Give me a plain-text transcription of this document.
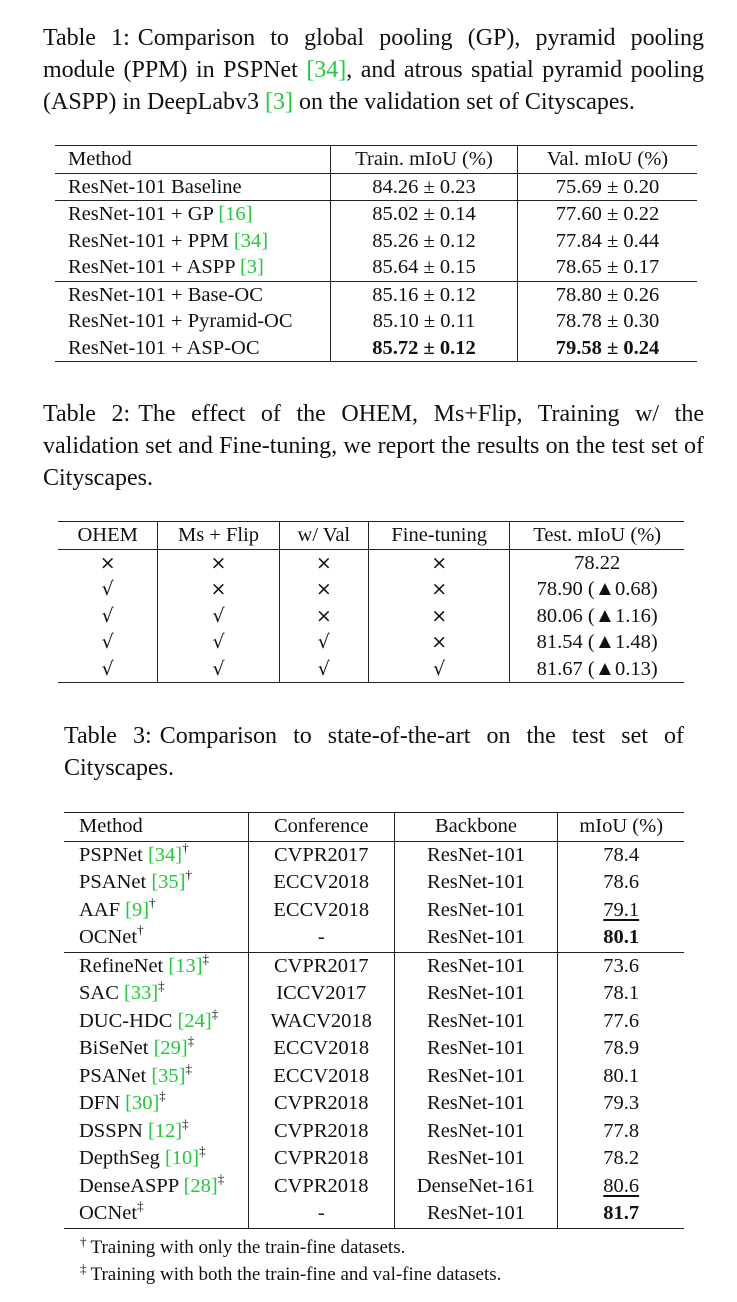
Table 1: Comparison to global pooling (GP), pyramid pooling module (PPM) in PSPNet [34], and atrous spatial pyramid pooling (ASPP) in DeepLabv3 [3] on the validation set of Cityscapes.
Method	Train. mIoU (%)	Val. mIoU (%)
ResNet-101 Baseline	84.26 ± 0.23	75.69 ± 0.20
ResNet-101 + GP [16]	85.02 ± 0.14	77.60 ± 0.22
ResNet-101 + PPM [34]	85.26 ± 0.12	77.84 ± 0.44
ResNet-101 + ASPP [3]	85.64 ± 0.15	78.65 ± 0.17
ResNet-101 + Base-OC	85.16 ± 0.12	78.80 ± 0.26
ResNet-101 + Pyramid-OC	85.10 ± 0.11	78.78 ± 0.30
ResNet-101 + ASP-OC	85.72 ± 0.12	79.58 ± 0.24
Table 2: The effect of the OHEM, Ms+Flip, Training w/ the validation set and Fine-tuning, we report the results on the test set of Cityscapes.
OHEM	Ms + Flip	w/ Val	Fine-tuning	Test. mIoU (%)
×	×	×	×	78.22
√	×	×	×	78.90 (▲0.68)
√	√	×	×	80.06 (▲1.16)
√	√	√	×	81.54 (▲1.48)
√	√	√	√	81.67 (▲0.13)
Table 3: Comparison to state-of-the-art on the test set of Cityscapes.
Method	Conference	Backbone	mIoU (%)
PSPNet [34]†	CVPR2017	ResNet-101	78.4
PSANet [35]†	ECCV2018	ResNet-101	78.6
AAF [9]†	ECCV2018	ResNet-101	79.1
OCNet†	-	ResNet-101	80.1
RefineNet [13]‡	CVPR2017	ResNet-101	73.6
SAC [33]‡	ICCV2017	ResNet-101	78.1
DUC-HDC [24]‡	WACV2018	ResNet-101	77.6
BiSeNet [29]‡	ECCV2018	ResNet-101	78.9
PSANet [35]‡	ECCV2018	ResNet-101	80.1
DFN [30]‡	CVPR2018	ResNet-101	79.3
DSSPN [12]‡	CVPR2018	ResNet-101	77.8
DepthSeg [10]‡	CVPR2018	ResNet-101	78.2
DenseASPP [28]‡	CVPR2018	DenseNet-161	80.6
OCNet‡	-	ResNet-101	81.7
† Training with only the train-fine datasets.
‡ Training with both the train-fine and val-fine datasets.
